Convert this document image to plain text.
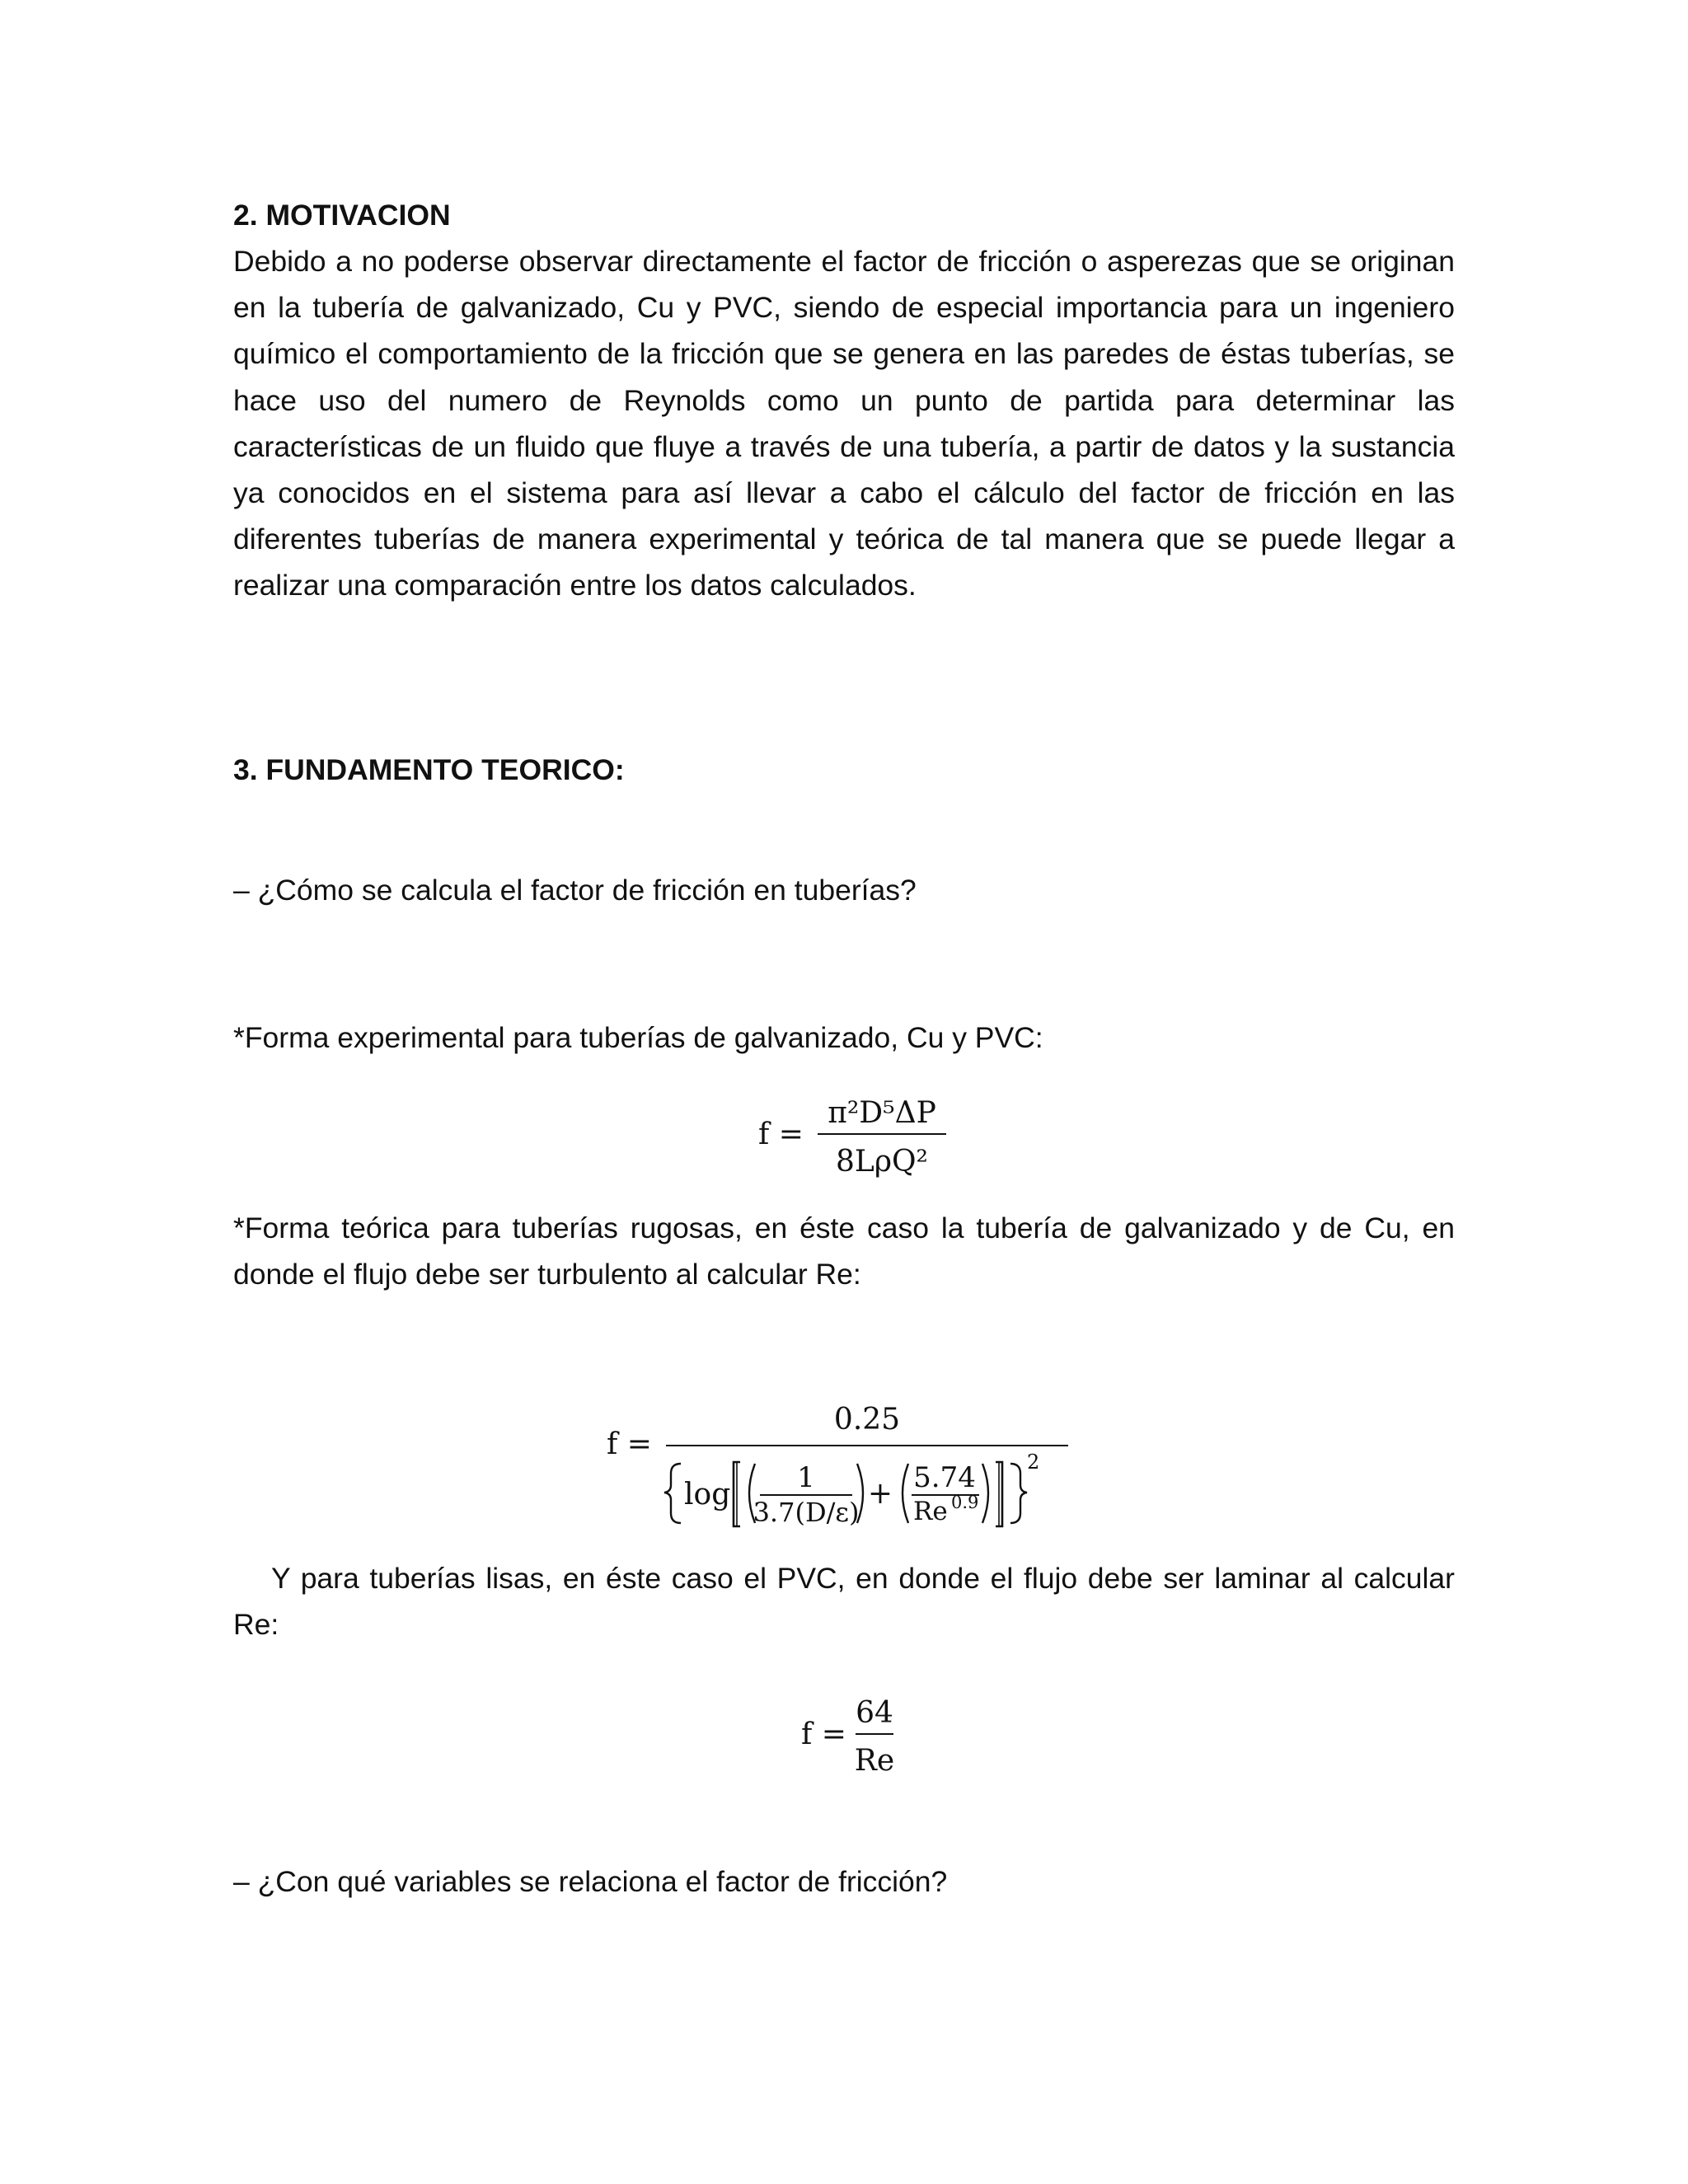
2. MOTIVACION

Debido a no poderse observar directamente el factor de fricción o asperezas que se originan en la tubería de galvanizado, Cu y PVC, siendo de especial importancia para un ingeniero químico el comportamiento de la fricción que se genera en las paredes de éstas tuberías, se hace uso del numero de Reynolds como un punto de partida para determinar las características de un fluido que fluye a través de una tubería, a partir de datos y la sustancia ya conocidos en el sistema para así llevar a cabo el cálculo del factor de fricción en las diferentes tuberías de manera experimental y teórica de tal manera que se puede llegar a realizar una comparación entre los datos calculados.

3. FUNDAMENTO TEORICO:

– ¿Cómo se calcula el factor de fricción en tuberías?

*Forma experimental para tuberías de galvanizado, Cu y PVC:

f =
π²D⁵ΔP
8LρQ²

*Forma teórica para tuberías rugosas, en éste caso la tubería de galvanizado y de Cu, en donde el flujo debe ser turbulento al calcular Re:

f =
0.25
log 1
3.7(D/ε)
+ 5.74
Re 0.9
2

Y para tuberías lisas, en éste caso el PVC, en donde el flujo debe ser laminar al calcular Re:

f =
64
Re

– ¿Con qué variables se relaciona el factor de fricción?
